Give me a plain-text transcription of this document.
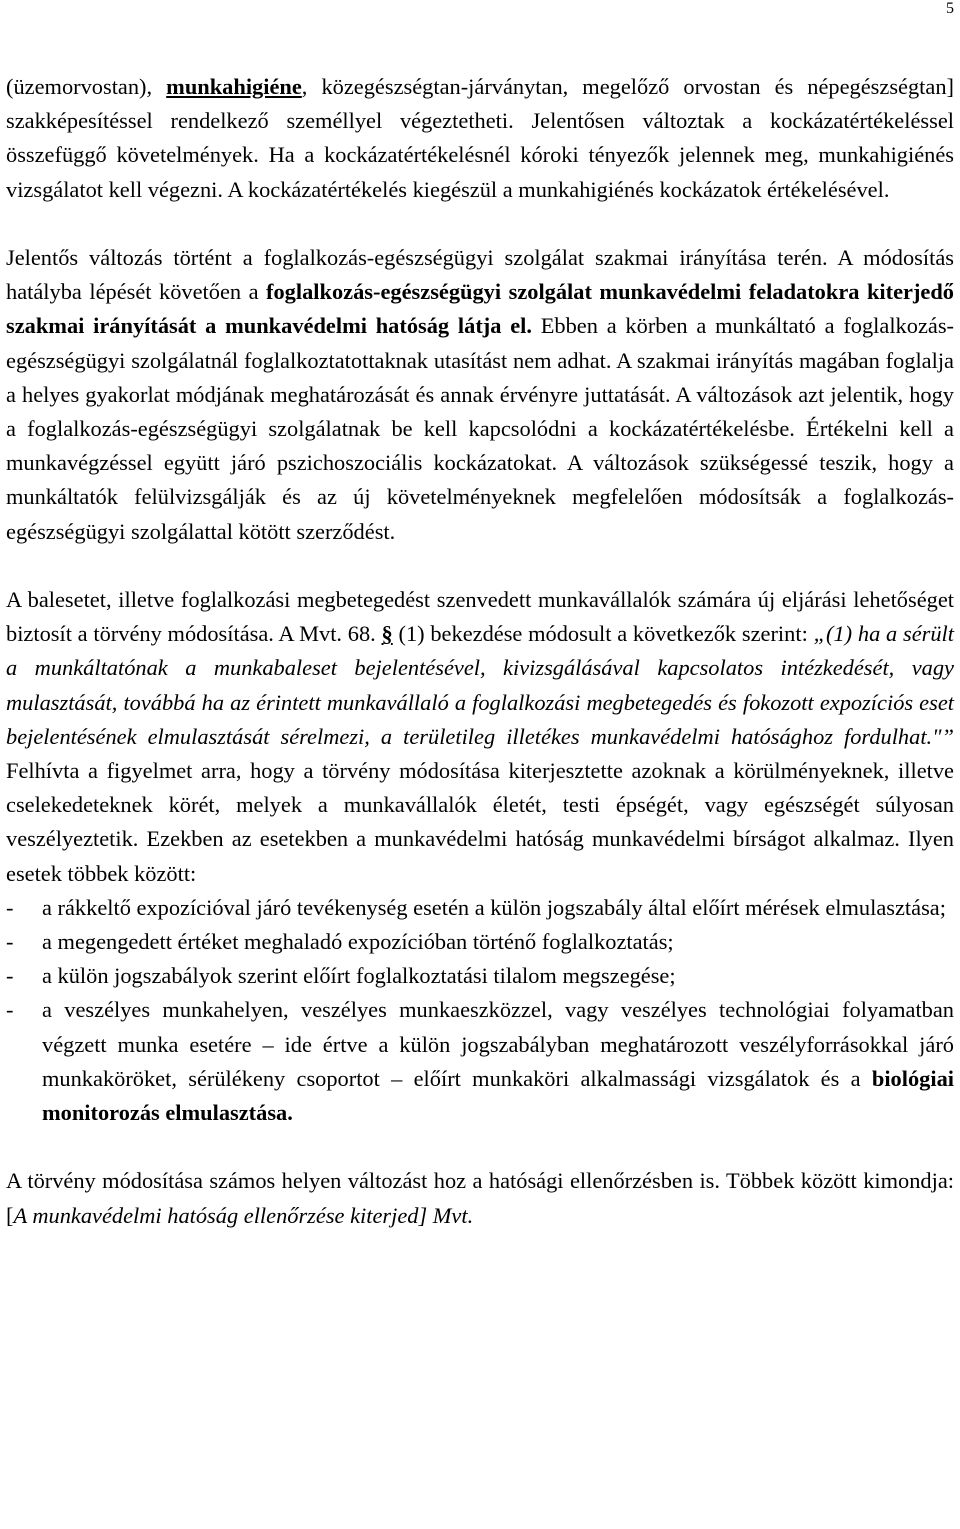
5

(üzemorvostan), munkahigiéne, közegészségtan-járványtan, megelőző orvostan és népegészségtan] szakképesítéssel rendelkező személlyel végeztetheti. Jelentősen változtak a kockázatértékeléssel összefüggő követelmények. Ha a kockázatértékelésnél kóroki tényezők jelennek meg, munkahigiénés vizsgálatot kell végezni. A kockázatértékelés kiegészül a munkahigiénés kockázatok értékelésével.

Jelentős változás történt a foglalkozás-egészségügyi szolgálat szakmai irányítása terén. A módosítás hatályba lépését követően a foglalkozás-egészségügyi szolgálat munkavédelmi feladatokra kiterjedő szakmai irányítását a munkavédelmi hatóság látja el. Ebben a körben a munkáltató a foglalkozás-egészségügyi szolgálatnál foglalkoztatottaknak utasítást nem adhat. A szakmai irányítás magában foglalja a helyes gyakorlat módjának meghatározását és annak érvényre juttatását. A változások azt jelentik, hogy a foglalkozás-egészségügyi szolgálatnak be kell kapcsolódni a kockázatértékelésbe. Értékelni kell a munkavégzéssel együtt járó pszichoszociális kockázatokat. A változások szükségessé teszik, hogy a munkáltatók felülvizsgálják és az új követelményeknek megfelelően módosítsák a foglalkozás-egészségügyi szolgálattal kötött szerződést.

A balesetet, illetve foglalkozási megbetegedést szenvedett munkavállalók számára új eljárási lehetőséget biztosít a törvény módosítása. A Mvt. 68. § (1) bekezdése módosult a következők szerint: „(1) ha a sérült a munkáltatónak a munkabaleset bejelentésével, kivizsgálásával kapcsolatos intézkedését, vagy mulasztását, továbbá ha az érintett munkavállaló a foglalkozási megbetegedés és fokozott expozíciós eset bejelentésének elmulasztását sérelmezi, a területileg illetékes munkavédelmi hatósághoz fordulhat."” Felhívta a figyelmet arra, hogy a törvény módosítása kiterjesztette azoknak a körülményeknek, illetve cselekedeteknek körét, melyek a munkavállalók életét, testi épségét, vagy egészségét súlyosan veszélyeztetik. Ezekben az esetekben a munkavédelmi hatóság munkavédelmi bírságot alkalmaz. Ilyen esetek többek között:

- a rákkeltő expozícióval járó tevékenység esetén a külön jogszabály által előírt mérések elmulasztása;
- a megengedett értéket meghaladó expozícióban történő foglalkoztatás;
- a külön jogszabályok szerint előírt foglalkoztatási tilalom megszegése;
- a veszélyes munkahelyen, veszélyes munkaeszközzel, vagy veszélyes technológiai folyamatban végzett munka esetére – ide értve a külön jogszabályban meghatározott veszélyforrásokkal járó munkaköröket, sérülékeny csoportot – előírt munkaköri alkalmassági vizsgálatok és a biológiai monitorozás elmulasztása.

A törvény módosítása számos helyen változást hoz a hatósági ellenőrzésben is. Többek között kimondja: [A munkavédelmi hatóság ellenőrzése kiterjed] Mvt.
